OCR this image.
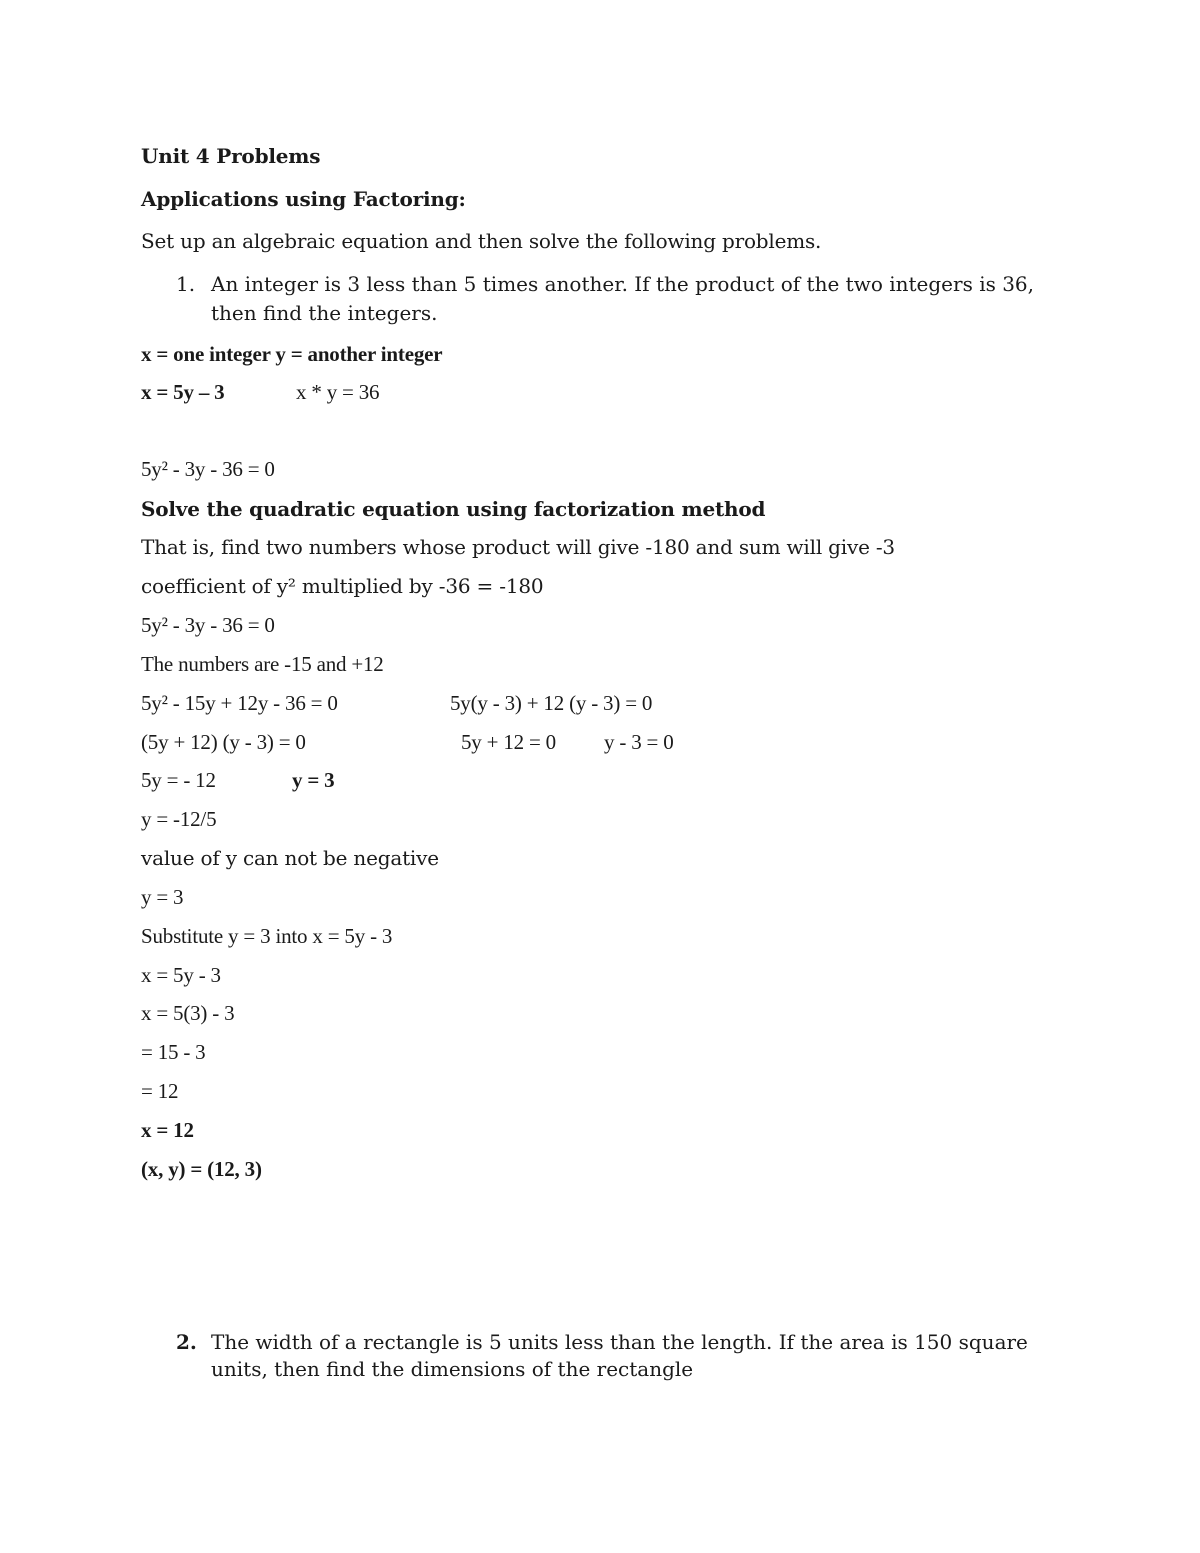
Unit 4 Problems
Applications using Factoring:
Set up an algebraic equation and then solve the following problems.
1. An integer is 3 less than 5 times another. If the product of the two integers is 36, then find the integers.
x = one integer y = another integer
x = 5y – 3	x * y = 36
5y² - 3y - 36 = 0
Solve the quadratic equation using factorization method
That is, find two numbers whose product will give -180 and sum will give -3
coefficient of y² multiplied by -36 = -180
5y² - 3y - 36 = 0
The numbers are -15 and +12
5y² - 15y + 12y - 36 = 0	5y(y - 3) + 12 (y - 3) = 0
(5y + 12) (y - 3) = 0	5y + 12 = 0 y - 3 = 0
5y = - 12	y = 3
y = -12/5
value of y can not be negative
y = 3
Substitute y = 3 into x = 5y - 3
x = 5y - 3
x = 5(3) - 3
= 15 - 3
= 12
x = 12
(x, y) = (12, 3)
2. The width of a rectangle is 5 units less than the length. If the area is 150 square units, then find the dimensions of the rectangle
